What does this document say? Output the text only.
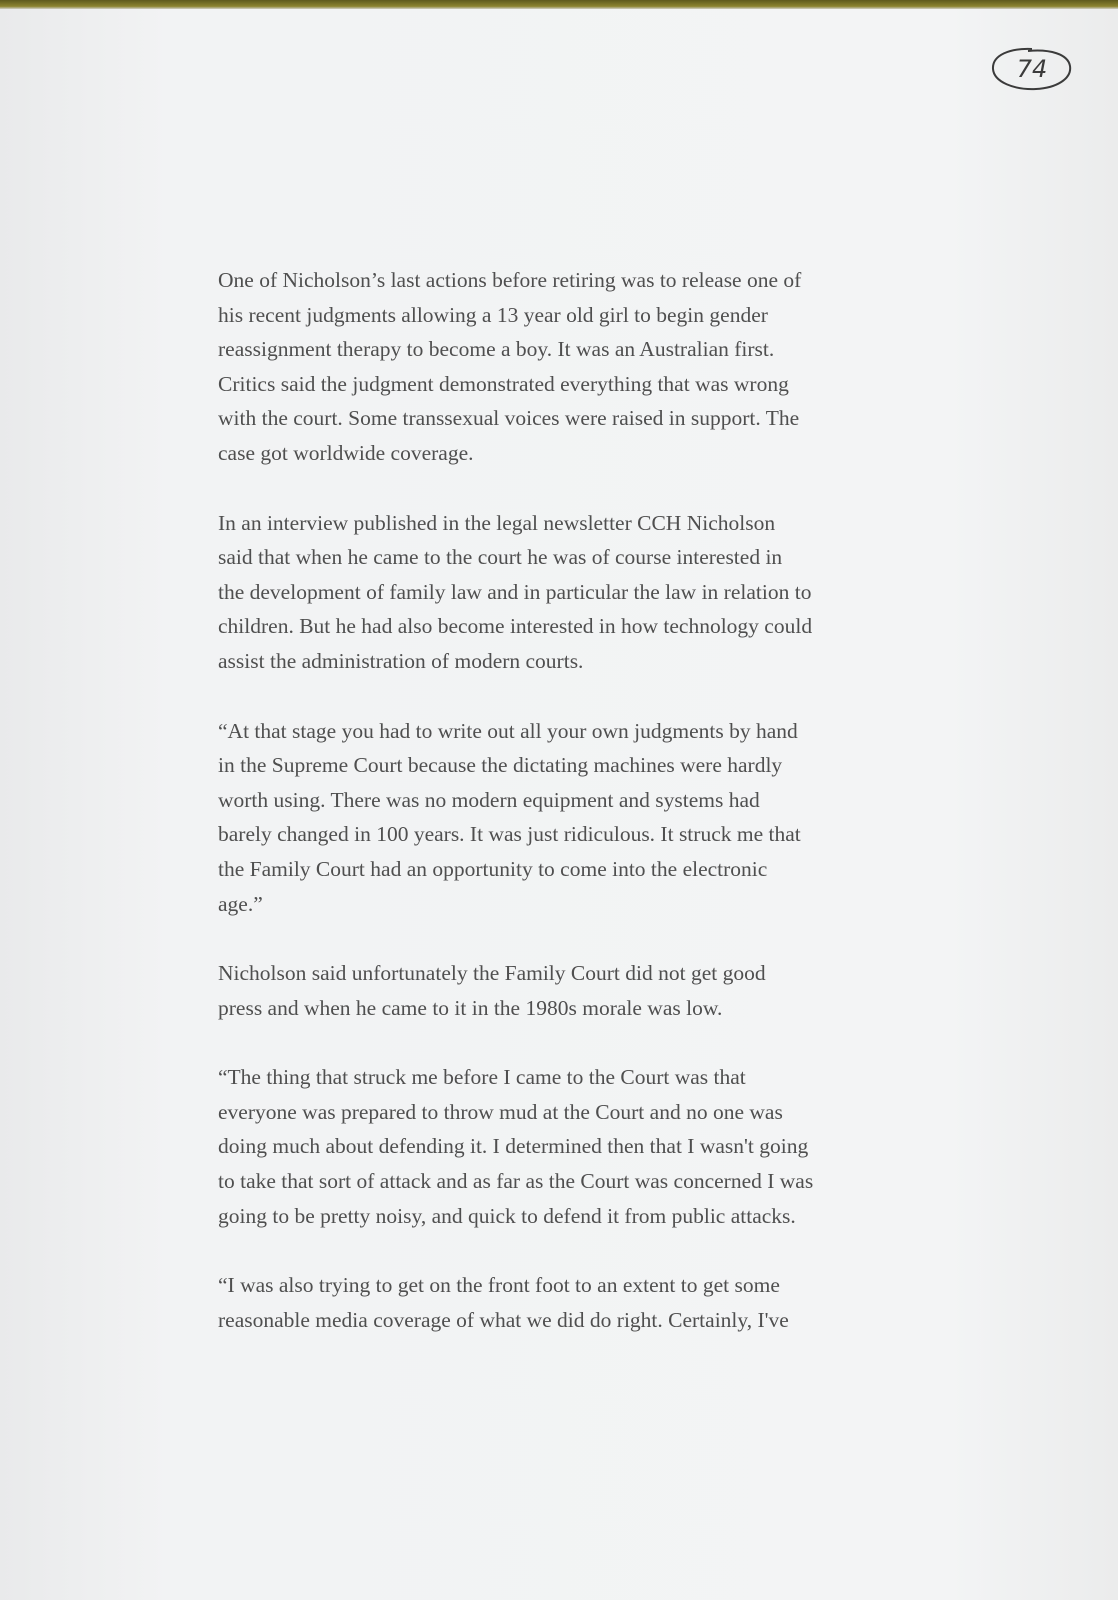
74

One of Nicholson’s last actions before retiring was to release one of
his recent judgments allowing a 13 year old girl to begin gender
reassignment therapy to become a boy. It was an Australian first.
Critics said the judgment demonstrated everything that was wrong
with the court. Some transsexual voices were raised in support. The
case got worldwide coverage.

In an interview published in the legal newsletter CCH Nicholson
said that when he came to the court he was of course interested in
the development of family law and in particular the law in relation to
children. But he had also become interested in how technology could
assist the administration of modern courts.

“At that stage you had to write out all your own judgments by hand
in the Supreme Court because the dictating machines were hardly
worth using. There was no modern equipment and systems had
barely changed in 100 years. It was just ridiculous. It struck me that
the Family Court had an opportunity to come into the electronic
age.”

Nicholson said unfortunately the Family Court did not get good
press and when he came to it in the 1980s morale was low.

“The thing that struck me before I came to the Court was that
everyone was prepared to throw mud at the Court and no one was
doing much about defending it. I determined then that I wasn't going
to take that sort of attack and as far as the Court was concerned I was
going to be pretty noisy, and quick to defend it from public attacks.

“I was also trying to get on the front foot to an extent to get some
reasonable media coverage of what we did do right. Certainly, I've
